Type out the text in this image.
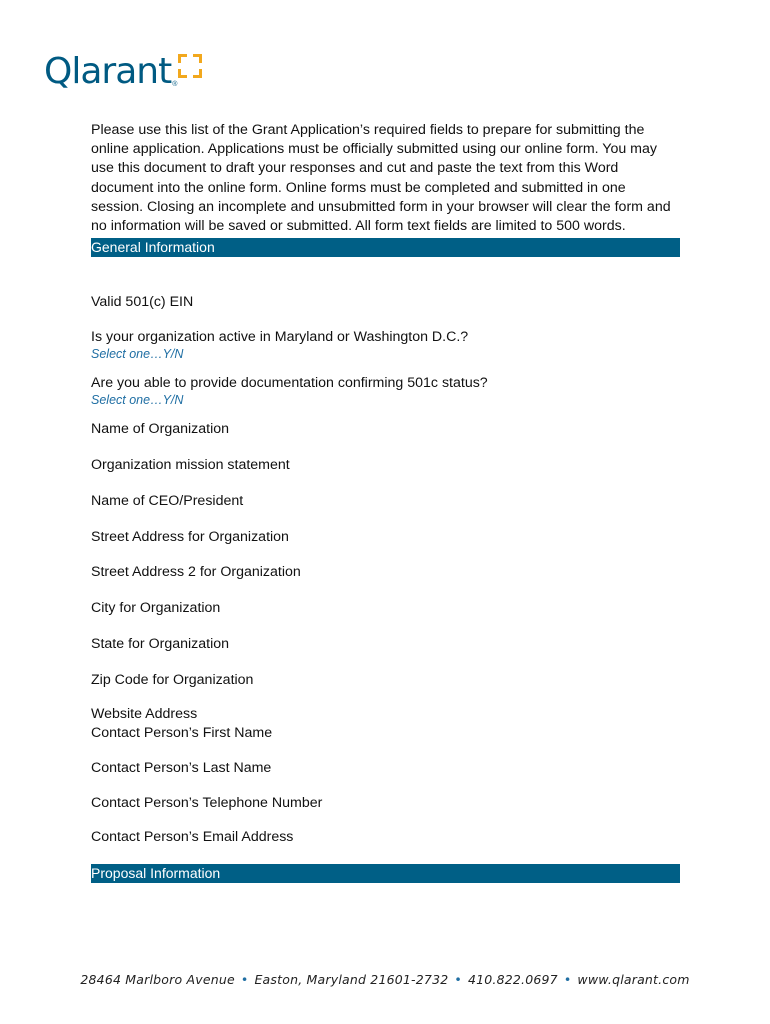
Qlarant ®

Please use this list of the Grant Application’s required fields to prepare for submitting the online application. Applications must be officially submitted using our online form. You may use this document to draft your responses and cut and paste the text from this Word document into the online form. Online forms must be completed and submitted in one session. Closing an incomplete and unsubmitted form in your browser will clear the form and no information will be saved or submitted. All form text fields are limited to 500 words.

General Information

Valid 501(c) EIN

Is your organization active in Maryland or Washington D.C.?

Select one…Y/N

Are you able to provide documentation confirming 501c status?

Select one…Y/N

Name of Organization

Organization mission statement

Name of CEO/President

Street Address for Organization

Street Address 2 for Organization

City for Organization

State for Organization

Zip Code for Organization

Website Address

Contact Person’s First Name

Contact Person’s Last Name

Contact Person’s Telephone Number

Contact Person’s Email Address

Proposal Information
28464 Marlboro Avenue • Easton, Maryland 21601-2732 • 410.822.0697 • www.qlarant.com
